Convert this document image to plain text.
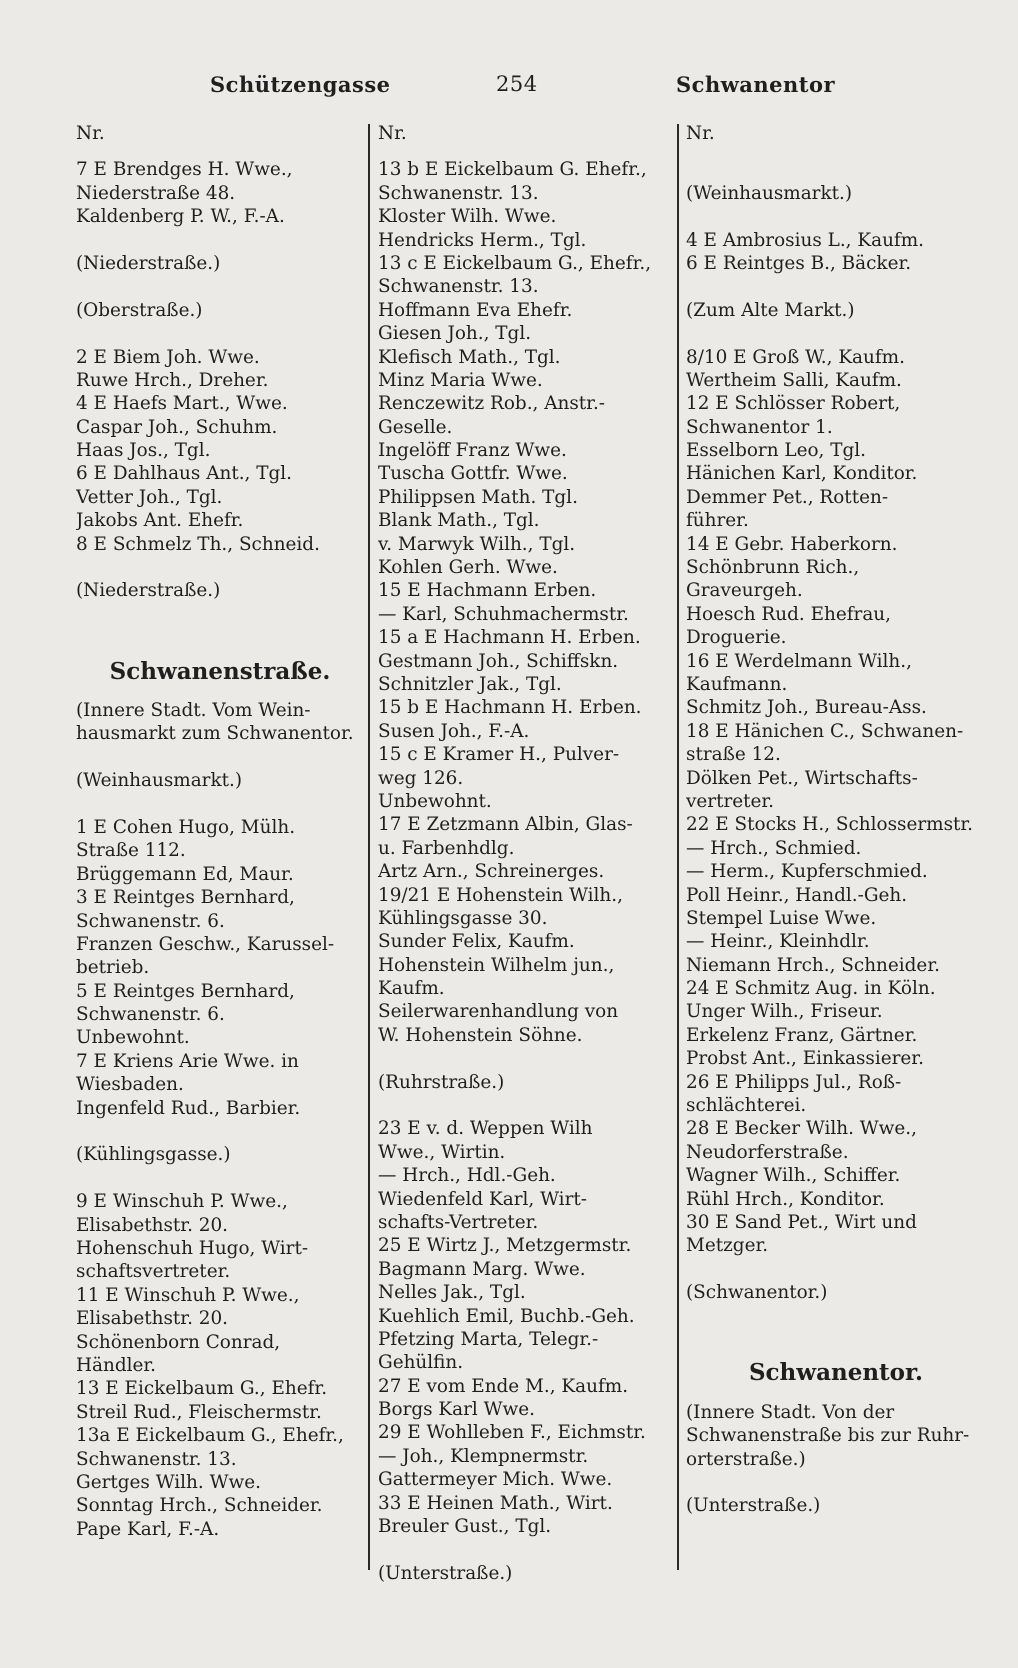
Schützengasse	254	Schwanentor
Nr.
7 E Brendges H. Wwe.,
Niederstraße 48.
Kaldenberg P. W., F.-A.
(Niederstraße.)
(Oberstraße.)
2 E Biem Joh. Wwe.
Ruwe Hrch., Dreher.
4 E Haefs Mart., Wwe.
Caspar Joh., Schuhm.
Haas Jos., Tgl.
6 E Dahlhaus Ant., Tgl.
Vetter Joh., Tgl.
Jakobs Ant. Ehefr.
8 E Schmelz Th., Schneid.
(Niederstraße.)
Schwanenstraße.
(Innere Stadt. Vom Wein-
hausmarkt zum Schwanentor.
(Weinhausmarkt.)
1 E Cohen Hugo, Mülh.
Straße 112.
Brüggemann Ed, Maur.
3 E Reintges Bernhard,
Schwanenstr. 6.
Franzen Geschw., Karussel-
betrieb.
5 E Reintges Bernhard,
Schwanenstr. 6.
Unbewohnt.
7 E Kriens Arie Wwe. in
Wiesbaden.
Ingenfeld Rud., Barbier.
(Kühlingsgasse.)
9 E Winschuh P. Wwe.,
Elisabethstr. 20.
Hohenschuh Hugo, Wirt-
schaftsvertreter.
11 E Winschuh P. Wwe.,
Elisabethstr. 20.
Schönenborn Conrad,
Händler.
13 E Eickelbaum G., Ehefr.
Streil Rud., Fleischermstr.
13a E Eickelbaum G., Ehefr.,
Schwanenstr. 13.
Gertges Wilh. Wwe.
Sonntag Hrch., Schneider.
Pape Karl, F.-A.
Nr.
13 b E Eickelbaum G. Ehefr.,
Schwanenstr. 13.
Kloster Wilh. Wwe.
Hendricks Herm., Tgl.
13 c E Eickelbaum G., Ehefr.,
Schwanenstr. 13.
Hoffmann Eva Ehefr.
Giesen Joh., Tgl.
Klefisch Math., Tgl.
Minz Maria Wwe.
Renczewitz Rob., Anstr.-
Geselle.
Ingelöff Franz Wwe.
Tuscha Gottfr. Wwe.
Philippsen Math. Tgl.
Blank Math., Tgl.
v. Marwyk Wilh., Tgl.
Kohlen Gerh. Wwe.
15 E Hachmann Erben.
— Karl, Schuhmachermstr.
15 a E Hachmann H. Erben.
Gestmann Joh., Schiffskn.
Schnitzler Jak., Tgl.
15 b E Hachmann H. Erben.
Susen Joh., F.-A.
15 c E Kramer H., Pulver-
weg 126.
Unbewohnt.
17 E Zetzmann Albin, Glas-
u. Farbenhdlg.
Artz Arn., Schreinerges.
19/21 E Hohenstein Wilh.,
Kühlingsgasse 30.
Sunder Felix, Kaufm.
Hohenstein Wilhelm jun.,
Kaufm.
Seilerwarenhandlung von
W. Hohenstein Söhne.
(Ruhrstraße.)
23 E v. d. Weppen Wilh
Wwe., Wirtin.
— Hrch., Hdl.-Geh.
Wiedenfeld Karl, Wirt-
schafts-Vertreter.
25 E Wirtz J., Metzgermstr.
Bagmann Marg. Wwe.
Nelles Jak., Tgl.
Kuehlich Emil, Buchb.-Geh.
Pfetzing Marta, Telegr.-
Gehülfin.
27 E vom Ende M., Kaufm.
Borgs Karl Wwe.
29 E Wohlleben F., Eichmstr.
— Joh., Klempnermstr.
Gattermeyer Mich. Wwe.
33 E Heinen Math., Wirt.
Breuler Gust., Tgl.
(Unterstraße.)
Nr.
(Weinhausmarkt.)
4 E Ambrosius L., Kaufm.
6 E Reintges B., Bäcker.
(Zum Alte Markt.)
8/10 E Groß W., Kaufm.
Wertheim Salli, Kaufm.
12 E Schlösser Robert,
Schwanentor 1.
Esselborn Leo, Tgl.
Hänichen Karl, Konditor.
Demmer Pet., Rotten-
führer.
14 E Gebr. Haberkorn.
Schönbrunn Rich.,
Graveurgeh.
Hoesch Rud. Ehefrau,
Droguerie.
16 E Werdelmann Wilh.,
Kaufmann.
Schmitz Joh., Bureau-Ass.
18 E Hänichen C., Schwanen-
straße 12.
Dölken Pet., Wirtschafts-
vertreter.
22 E Stocks H., Schlossermstr.
— Hrch., Schmied.
— Herm., Kupferschmied.
Poll Heinr., Handl.-Geh.
Stempel Luise Wwe.
— Heinr., Kleinhdlr.
Niemann Hrch., Schneider.
24 E Schmitz Aug. in Köln.
Unger Wilh., Friseur.
Erkelenz Franz, Gärtner.
Probst Ant., Einkassierer.
26 E Philipps Jul., Roß-
schlächterei.
28 E Becker Wilh. Wwe.,
Neudorferstraße.
Wagner Wilh., Schiffer.
Rühl Hrch., Konditor.
30 E Sand Pet., Wirt und
Metzger.
(Schwanentor.)
Schwanentor.
(Innere Stadt. Von der
Schwanenstraße bis zur Ruhr-
orterstraße.)
(Unterstraße.)
